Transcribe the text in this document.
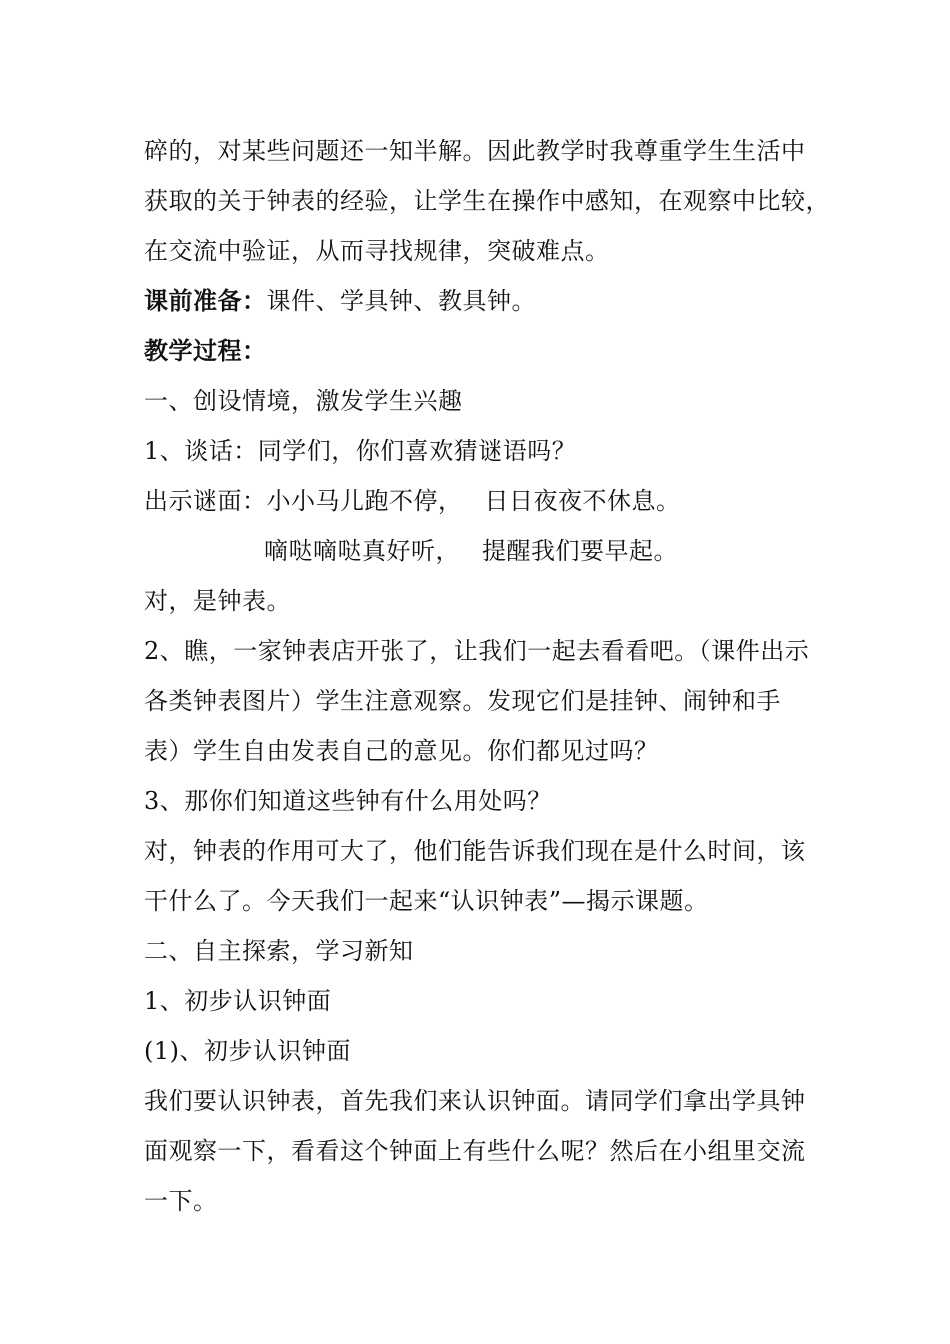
碎的，对某些问题还一知半解。因此教学时我尊重学生生活中
获取的关于钟表的经验，让学生在操作中感知，在观察中比较，
在交流中验证，从而寻找规律，突破难点。
课前准备：课件、学具钟、教具钟。
教学过程：
一、创设情境，激发学生兴趣
1、谈话：同学们，你们喜欢猜谜语吗？
出示谜面：小小马儿跑不停， 日日夜夜不休息。
嘀哒嘀哒真好听， 提醒我们要早起。
对，是钟表。
2、瞧，一家钟表店开张了，让我们一起去看看吧。（课件出示
各类钟表图片）学生注意观察。发现它们是挂钟、闹钟和手
表）学生自由发表自己的意见。你们都见过吗？
3、那你们知道这些钟有什么用处吗？
对，钟表的作用可大了，他们能告诉我们现在是什么时间，该
干什么了。今天我们一起来“认识钟表”—揭示课题。
二、自主探索，学习新知
1、初步认识钟面
(1)、初步认识钟面
我们要认识钟表，首先我们来认识钟面。请同学们拿出学具钟
面观察一下，看看这个钟面上有些什么呢？然后在小组里交流
一下。
